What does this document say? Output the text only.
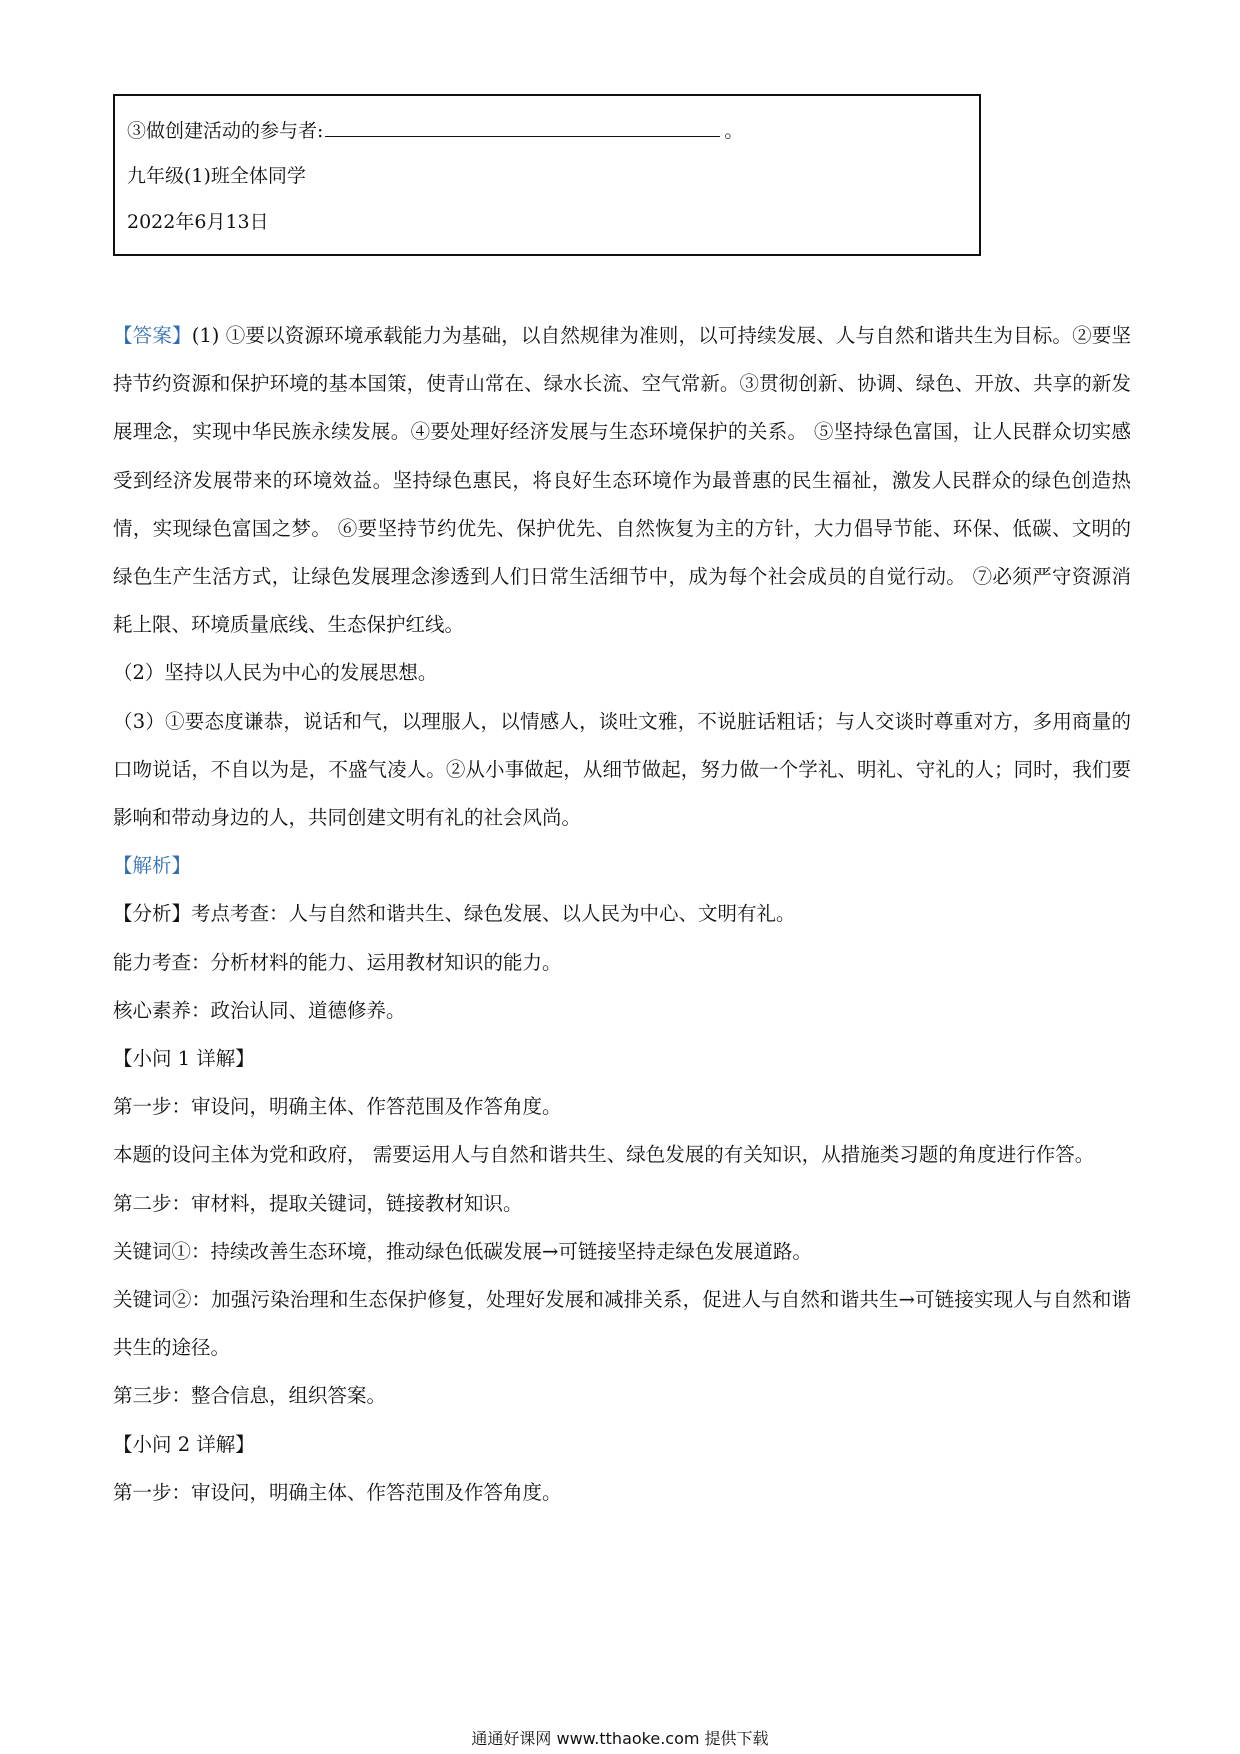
③做创建活动的参与者:	。
九年级(1)班全体同学
2022年6月13日

【答案】(1) ①要以资源环境承载能力为基础，以自然规律为准则，以可持续发展、人与自然和谐共生为目标。②要坚持节约资源和保护环境的基本国策，使青山常在、绿水长流、空气常新。③贯彻创新、协调、绿色、开放、共享的新发展理念，实现中华民族永续发展。④要处理好经济发展与生态环境保护的关系。 ⑤坚持绿色富国，让人民群众切实感受到经济发展带来的环境效益。坚持绿色惠民，将良好生态环境作为最普惠的民生福祉，激发人民群众的绿色创造热情，实现绿色富国之梦。 ⑥要坚持节约优先、保护优先、自然恢复为主的方针，大力倡导节能、环保、低碳、文明的绿色生产生活方式，让绿色发展理念渗透到人们日常生活细节中，成为每个社会成员的自觉行动。 ⑦必须严守资源消耗上限、环境质量底线、生态保护红线。

（2）坚持以人民为中心的发展思想。

（3）①要态度谦恭，说话和气，以理服人，以情感人，谈吐文雅，不说脏话粗话；与人交谈时尊重对方，多用商量的口吻说话，不自以为是，不盛气凌人。②从小事做起，从细节做起，努力做一个学礼、明礼、守礼的人；同时，我们要影响和带动身边的人，共同创建文明有礼的社会风尚。

【解析】

【分析】考点考查：人与自然和谐共生、绿色发展、以人民为中心、文明有礼。

能力考查：分析材料的能力、运用教材知识的能力。

核心素养：政治认同、道德修养。

【小问 1 详解】

第一步：审设问，明确主体、作答范围及作答角度。

本题的设问主体为党和政府， 需要运用人与自然和谐共生、绿色发展的有关知识，从措施类习题的角度进行作答。

第二步：审材料，提取关键词，链接教材知识。

关键词①：持续改善生态环境，推动绿色低碳发展→可链接坚持走绿色发展道路。

关键词②：加强污染治理和生态保护修复，处理好发展和减排关系，促进人与自然和谐共生→可链接实现人与自然和谐共生的途径。

第三步：整合信息，组织答案。

【小问 2 详解】

第一步：审设问，明确主体、作答范围及作答角度。

通通好课网 www.tthaoke.com 提供下载
